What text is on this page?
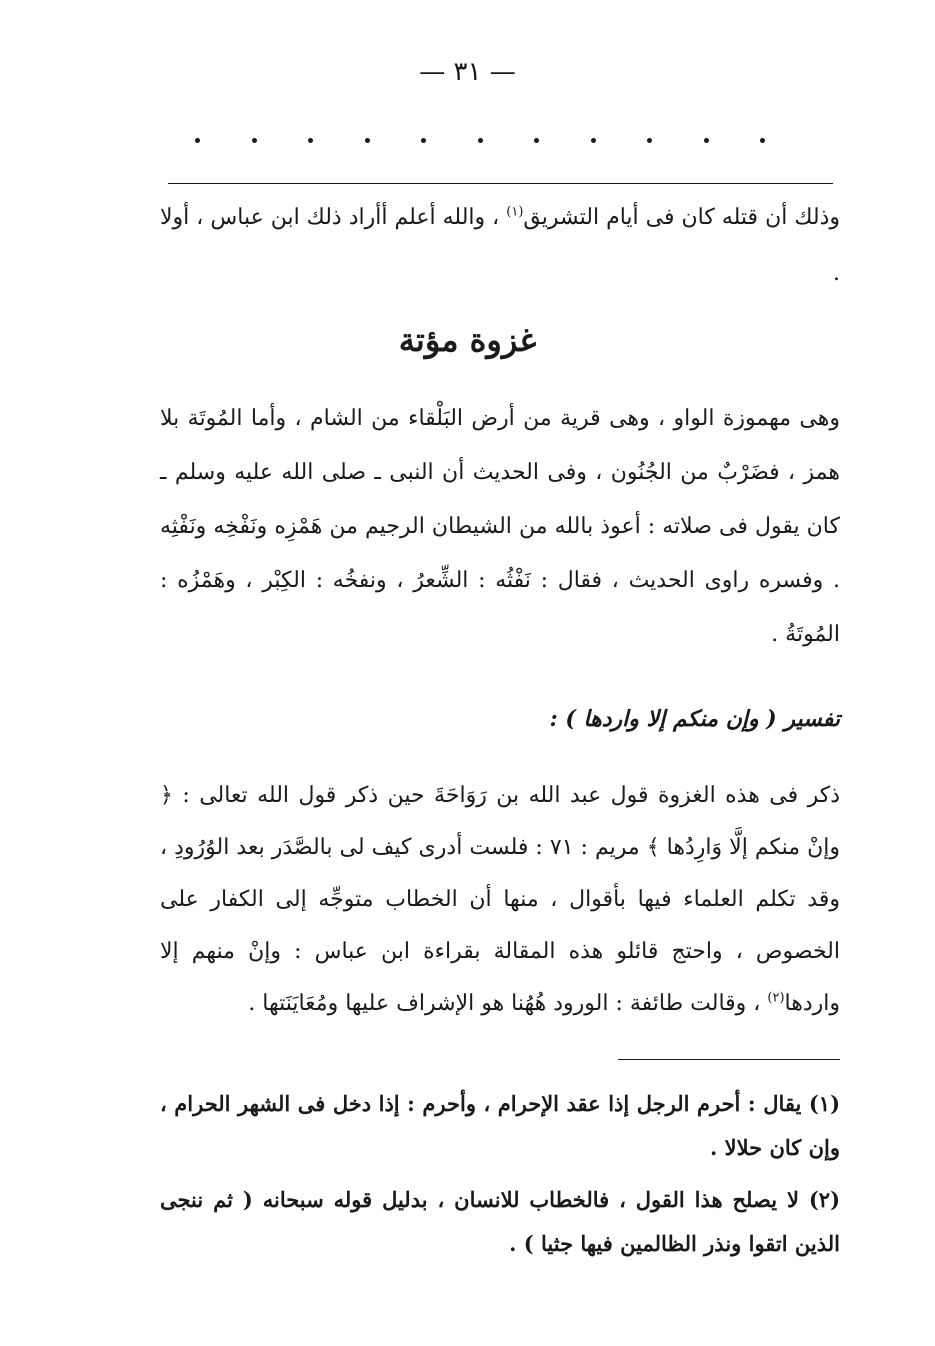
— ٣١ —

وذلك أن قتله كان فى أيام التشريق$^{(١)}$ ، والله أعلم أأراد ذلك ابن عباس ، أولا .

غزوة مؤتة

وهى مهموزة الواو ، وهى قرية من أرض البَلْقاء من الشام ، وأما المُوتَة بلا همز ، فضَرْبٌ من الجُنُون ، وفى الحديث أن النبى ـ صلى الله عليه وسلم ـ كان يقول فى صلاته : أعوذ بالله من الشيطان الرجيم من هَمْزِه ونَفْخِه ونَفْثِه . وفسره راوى الحديث ، فقال : نَفْثُه : الشِّعرُ ، ونفخُه : الكِبْر ، وهَمْزُه : المُوتَةُ .

تفسير ( وإن منكم إلا واردها ) :

ذكر فى هذه الغزوة قول عبد الله بن رَوَاحَةَ حين ذكر قول الله تعالى : ﴿ وإنْ منكم إلَّا وَارِدُها ﴾ مريم : ٧١ : فلست أدرى كيف لى بالصَّدَر بعد الوُرُودِ ، وقد تكلم العلماء فيها بأقوال ، منها أن الخطاب متوجِّه إلى الكفار على الخصوص ، واحتج قائلو هذه المقالة بقراءة ابن عباس : وإنْ منهم إلا واردها$^{(٢)}$ ، وقالت طائفة : الورود هُهُنا هو الإشراف عليها ومُعَايَنَتها .

(١) يقال : أحرم الرجل إذا عقد الإحرام ، وأحرم : إذا دخل فى الشهر الحرام ، وإن كان حلالا .

(٢) لا يصلح هذا القول ، فالخطاب للانسان ، بدليل قوله سبحانه ( ثم ننجى الذين اتقوا ونذر الظالمين فيها جثيا ) .
